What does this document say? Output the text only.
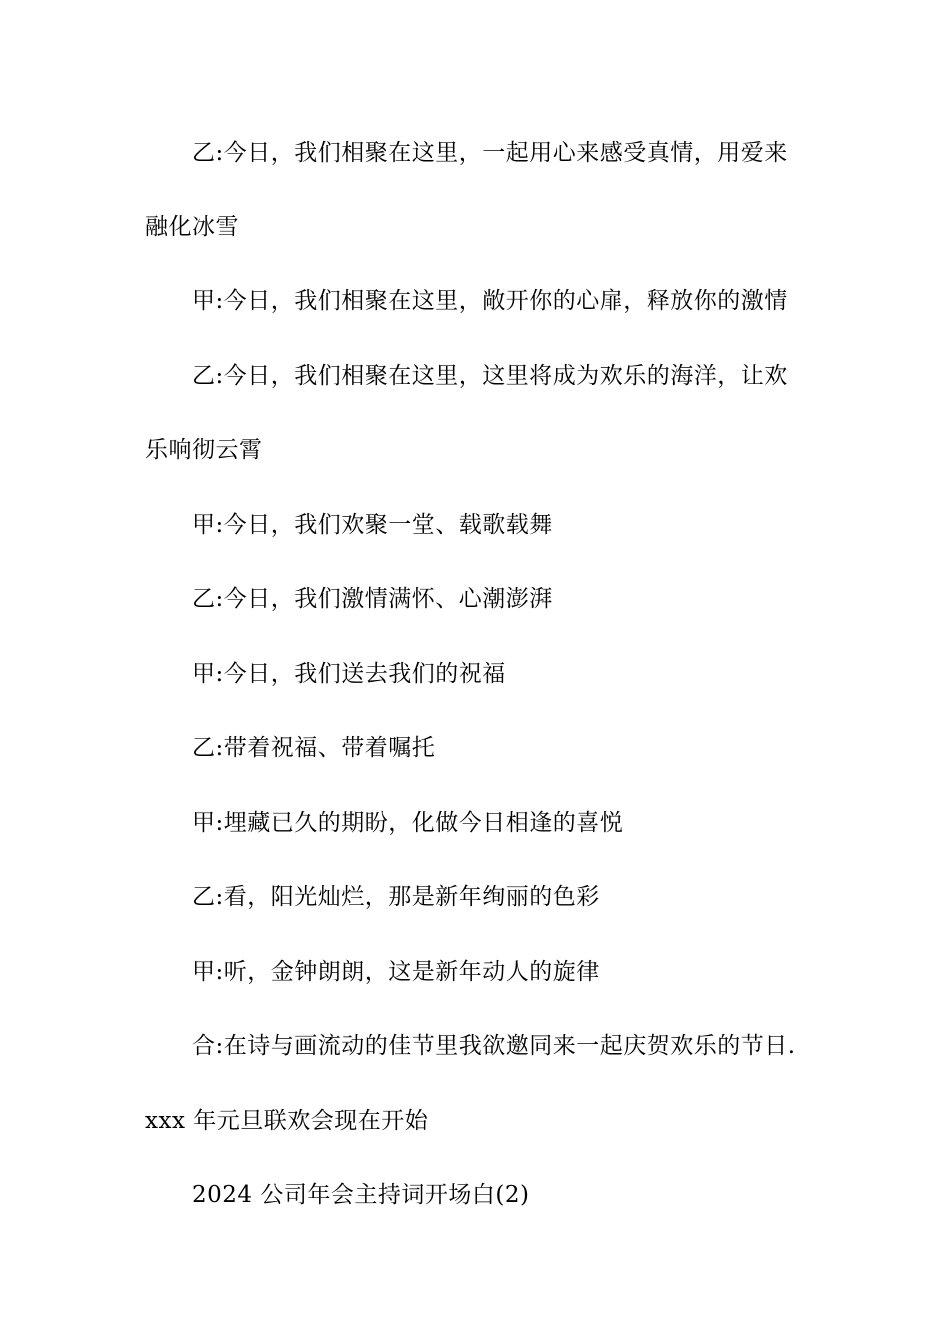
乙:今日，我们相聚在这里，一起用心来感受真情，用爱来
融化冰雪
甲:今日，我们相聚在这里，敞开你的心扉，释放你的激情
乙:今日，我们相聚在这里，这里将成为欢乐的海洋，让欢
乐响彻云霄
甲:今日，我们欢聚一堂、载歌载舞
乙:今日，我们激情满怀、心潮澎湃
甲:今日，我们送去我们的祝福
乙:带着祝福、带着嘱托
甲:埋藏已久的期盼，化做今日相逢的喜悦
乙:看，阳光灿烂，那是新年绚丽的色彩
甲:听，金钟朗朗，这是新年动人的旋律
合:在诗与画流动的佳节里我欲邀同来一起庆贺欢乐的节日.
xxx 年元旦联欢会现在开始
2024 公司年会主持词开场白(2)
